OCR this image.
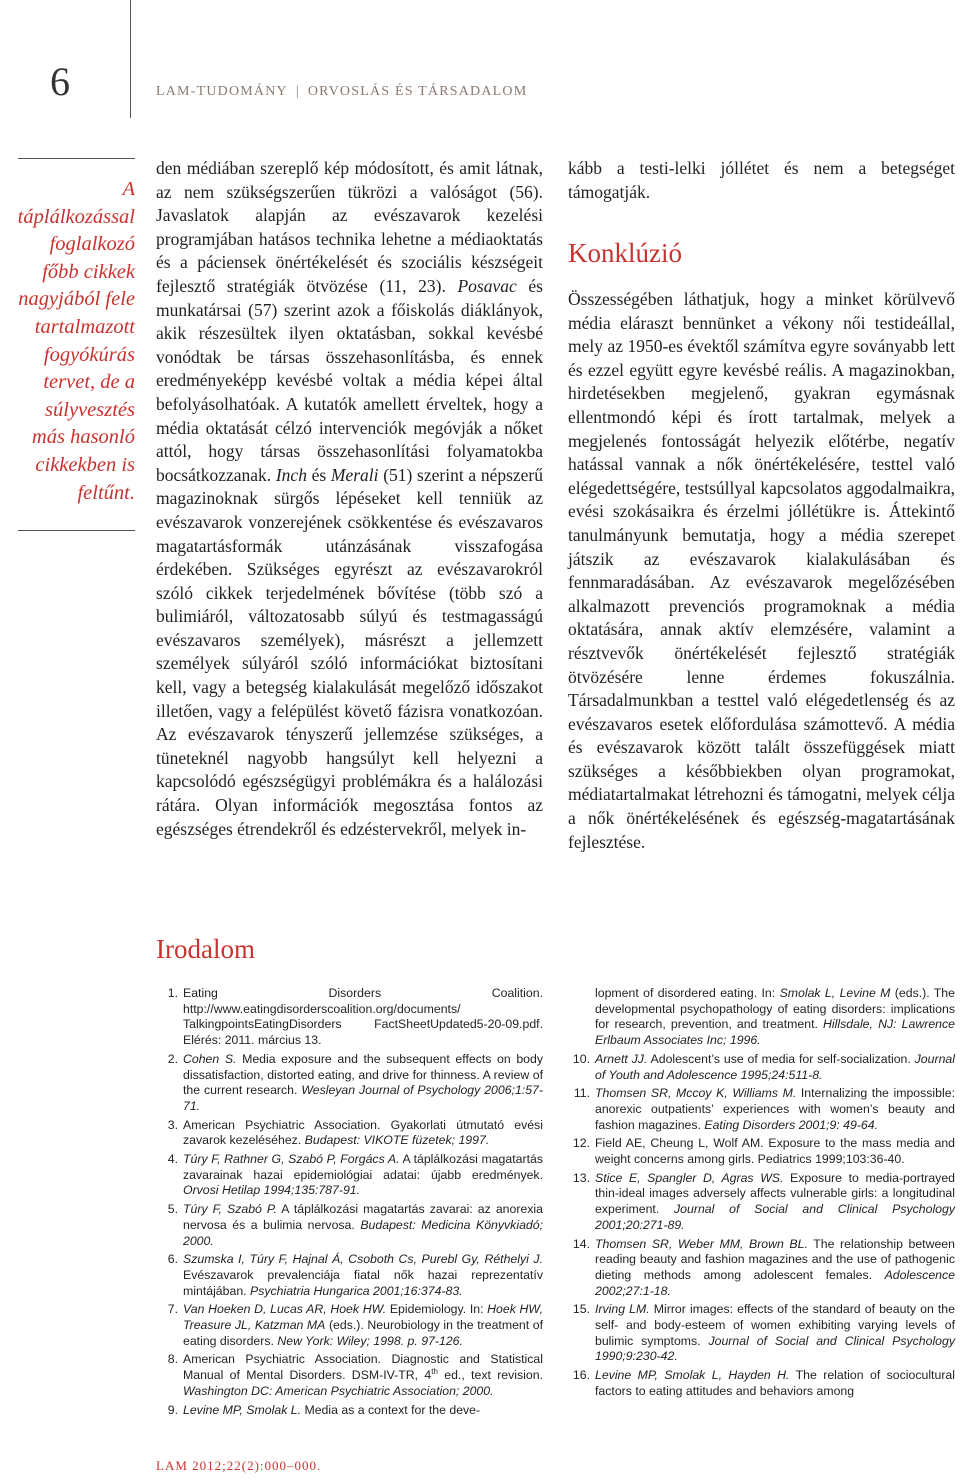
6	LAM-TUDOMÁNY | ORVOSLÁS ÉS TÁRSADALOM
A táplálkozással foglalkozó főbb cikkek nagyjából fele tartalmazott fogyókúrás tervet, de a súlyvesztés más hasonló cikkekben is feltűnt.

den médiában szereplő kép módosított, és amit látnak, az nem szükségszerűen tükrözi a valóságot (56). Javaslatok alapján az evészavarok kezelési programjában hatásos technika lehetne a médiaoktatás és a páciensek önértékelését és szociális készségeit fejlesztő stratégiák ötvözése (11, 23). Posavac és munkatársai (57) szerint azok a főiskolás diáklányok, akik részesültek ilyen oktatásban, sokkal kevésbé vonódtak be társas összehasonlításba, és ennek eredményeképp kevésbé voltak a média képei által befolyásolhatóak. A kutatók amellett érveltek, hogy a média oktatását célzó intervenciók megóvják a nőket attól, hogy társas összehasonlítási folyamatokba bocsátkozzanak. Inch és Merali (51) szerint a népszerű magazinoknak sürgős lépéseket kell tenniük az evészavarok vonzerejének csökkentése és evészavaros magatartásformák utánzásának visszafogása érdekében. Szükséges egyrészt az evészavarokról szóló cikkek terjedelmének bővítése (több szó a bulimiáról, változatosabb súlyú és testmagasságú evészavaros személyek), másrészt a jellemzett személyek súlyáról szóló információkat biztosítani kell, vagy a betegség kialakulását megelőző időszakot illetően, vagy a felépülést követő fázisra vonatkozóan. Az evészavarok tényszerű jellemzése szükséges, a tüneteknél nagyobb hangsúlyt kell helyezni a kapcsolódó egészségügyi problémákra és a halálozási rátára. Olyan információk megosztása fontos az egészséges étrendekről és edzéstervekről, melyek in-

kább a testi-lelki jóllétet és nem a betegséget támogatják.

Konklúzió

Összességében láthatjuk, hogy a minket körülvevő média eláraszt bennünket a vékony női testideállal, mely az 1950-es évektől számítva egyre soványabb lett és ezzel együtt egyre kevésbé reális. A magazinokban, hirdetésekben megjelenő, gyakran egymásnak ellentmondó képi és írott tartalmak, melyek a megjelenés fontosságát helyezik előtérbe, negatív hatással vannak a nők önértékelésére, testtel való elégedettségére, testsúllyal kapcsolatos aggodalmaikra, evési szokásaikra és érzelmi jóllétükre is. Áttekintő tanulmányunk bemutatja, hogy a média szerepet játszik az evészavarok kialakulásában és fennmaradásában. Az evészavarok megelőzésében alkalmazott prevenciós programoknak a média oktatására, annak aktív elemzésére, valamint a résztvevők önértékelését fejlesztő stratégiák ötvözésére lenne érdemes fokuszálnia. Társadalmunkban a testtel való elégedetlenség és az evészavaros esetek előfordulása számottevő. A média és evészavarok között talált összefüggések miatt szükséges a későbbiekben olyan programokat, médiatartalmakat létrehozni és támogatni, melyek célja a nők önértékelésének és egészség-magatartásának fejlesztése.

Irodalom
1. Eating Disorders Coalition. http://www.eatingdisorderscoalition.org/documents/ TalkingpointsEatingDisorders FactSheetUpdated5-20-09.pdf. Elérés: 2011. március 13.
2. Cohen S. Media exposure and the subsequent effects on body dissatisfaction, distorted eating, and drive for thinness. A review of the current research. Wesleyan Journal of Psychology 2006;1:57-71.
3. American Psychiatric Association. Gyakorlati útmutató evési zavarok kezeléséhez. Budapest: VIKOTE füzetek; 1997.
4. Túry F, Rathner G, Szabó P, Forgács A. A táplálkozási magatartás zavarainak hazai epidemiológiai adatai: újabb eredmények. Orvosi Hetilap 1994;135:787-91.
5. Túry F, Szabó P. A táplálkozási magatartás zavarai: az anorexia nervosa és a bulimia nervosa. Budapest: Medicina Könyvkiadó; 2000.
6. Szumska I, Túry F, Hajnal Á, Csoboth Cs, Purebl Gy, Réthelyi J. Evészavarok prevalenciája fiatal nők hazai reprezentatív mintájában. Psychiatria Hungarica 2001;16:374-83.
7. Van Hoeken D, Lucas AR, Hoek HW. Epidemiology. In: Hoek HW, Treasure JL, Katzman MA (eds.). Neurobiology in the treatment of eating disorders. New York: Wiley; 1998. p. 97-126.
8. American Psychiatric Association. Diagnostic and Statistical Manual of Mental Disorders. DSM-IV-TR, 4th ed., text revision. Washington DC: American Psychiatric Association; 2000.
9. Levine MP, Smolak L. Media as a context for the deve-
lopment of disordered eating. In: Smolak L, Levine M (eds.). The developmental psychopathology of eating disorders: implications for research, prevention, and treatment. Hillsdale, NJ: Lawrence Erlbaum Associates Inc; 1996.
10. Arnett JJ. Adolescent’s use of media for self-socialization. Journal of Youth and Adolescence 1995;24:511-8.
11. Thomsen SR, Mccoy K, Williams M. Internalizing the impossible: anorexic outpatients’ experiences with women’s beauty and fashion magazines. Eating Disorders 2001;9: 49-64.
12. Field AE, Cheung L, Wolf AM. Exposure to the mass media and weight concerns among girls. Pediatrics 1999;103:36-40.
13. Stice E, Spangler D, Agras WS. Exposure to media-portrayed thin-ideal images adversely affects vulnerable girls: a longitudinal experiment. Journal of Social and Clinical Psychology 2001;20:271-89.
14. Thomsen SR, Weber MM, Brown BL. The relationship between reading beauty and fashion magazines and the use of pathogenic dieting methods among adolescent females. Adolescence 2002;27:1-18.
15. Irving LM. Mirror images: effects of the standard of beauty on the self- and body-esteem of women exhibiting varying levels of bulimic symptoms. Journal of Social and Clinical Psychology 1990;9:230-42.
16. Levine MP, Smolak L, Hayden H. The relation of sociocultural factors to eating attitudes and behaviors among
LAM 2012;22(2):000–000.
